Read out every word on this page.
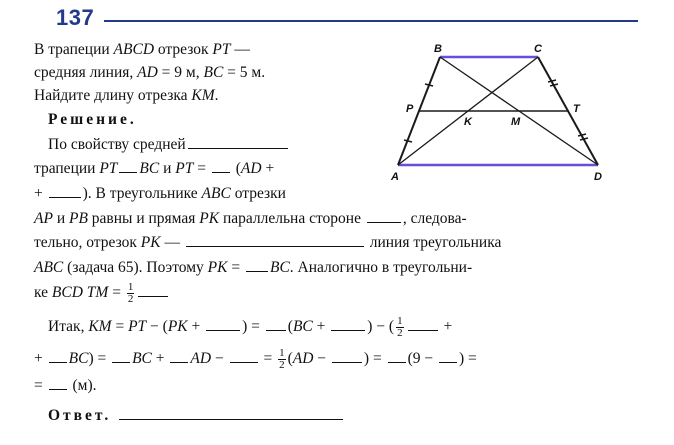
137
B	C
P	T
K	M
A	D
В трапеции ABCD отрезок PT —
средняя линия, AD = 9 м, BC = 5 м.
Найдите длину отрезка KM.
Решение.
По свойству средней
трапеции PT BC и PT =  (AD +
+ ). В треугольнике ABC отрезки
AP и PB равны и прямая PK параллельна стороне , следова-
тельно, отрезок PK —	линия треугольника
ABC (задача 65). Поэтому PK = BC. Аналогично в треугольни-
ке BCD TM = $\frac{1}{2}$
Итак, KM = PT − (PK + ) = (BC + ) − ( $\frac{1}{2}$ +
+ BC) = BC + AD −  = $\frac{1}{2} (AD$ − ) = (9 − ) =
=  (м).
Ответ.
